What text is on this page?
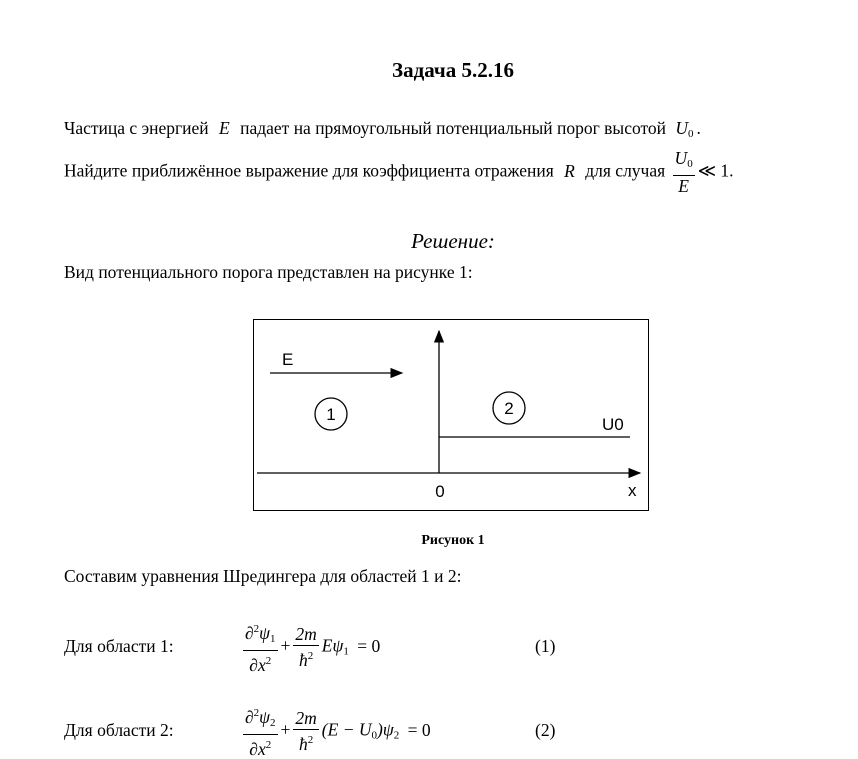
Задача 5.2.16
Частица с энергией E падает на прямоугольный потенциальный порог высотой $U_0$ .
Найдите приближённое выражение для коэффициента отражения R для случая $\frac{U_0}{E}$ ≪ 1.
Решение:
Вид потенциального порога представлен на рисунке 1:
E
1	2
U0
0	x
Рисунок 1
Составим уравнения Шредингера для областей 1 и 2:
Для области 1:	$\frac{\partial^2\psi_1}{\partial x^2} + \frac{2m}{ħ^2} E\psi_1 = 0$	(1)
Для области 2:	$\frac{\partial^2\psi_2}{\partial x^2} + \frac{2m}{ħ^2} (E - U_0)\psi_2 = 0$	(2)
